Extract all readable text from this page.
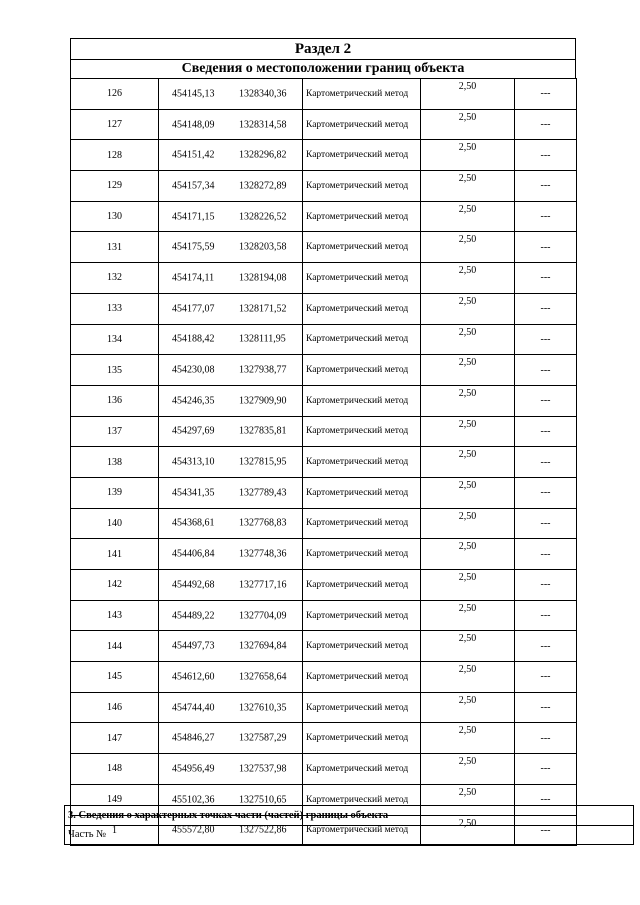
Раздел 2
Сведения о местоположении границ объекта
126	454145,13 1328340,36	Картометрический метод	2,50	---
127	454148,09 1328314,58	Картометрический метод	2,50	---
128	454151,42 1328296,82	Картометрический метод	2,50	---
129	454157,34 1328272,89	Картометрический метод	2,50	---
130	454171,15 1328226,52	Картометрический метод	2,50	---
131	454175,59 1328203,58	Картометрический метод	2,50	---
132	454174,11 1328194,08	Картометрический метод	2,50	---
133	454177,07 1328171,52	Картометрический метод	2,50	---
134	454188,42 1328111,95	Картометрический метод	2,50	---
135	454230,08 1327938,77	Картометрический метод	2,50	---
136	454246,35 1327909,90	Картометрический метод	2,50	---
137	454297,69 1327835,81	Картометрический метод	2,50	---
138	454313,10 1327815,95	Картометрический метод	2,50	---
139	454341,35 1327789,43	Картометрический метод	2,50	---
140	454368,61 1327768,83	Картометрический метод	2,50	---
141	454406,84 1327748,36	Картометрический метод	2,50	---
142	454492,68 1327717,16	Картометрический метод	2,50	---
143	454489,22 1327704,09	Картометрический метод	2,50	---
144	454497,73 1327694,84	Картометрический метод	2,50	---
145	454612,60 1327658,64	Картометрический метод	2,50	---
146	454744,40 1327610,35	Картометрический метод	2,50	---
147	454846,27 1327587,29	Картометрический метод	2,50	---
148	454956,49 1327537,98	Картометрический метод	2,50	---
149	455102,36 1327510,65	Картометрический метод	2,50	---
1	455572,80 1327522,86	Картометрический метод	2,50	---
3. Сведения о характерных точках части (частей) границы объекта
Часть №
